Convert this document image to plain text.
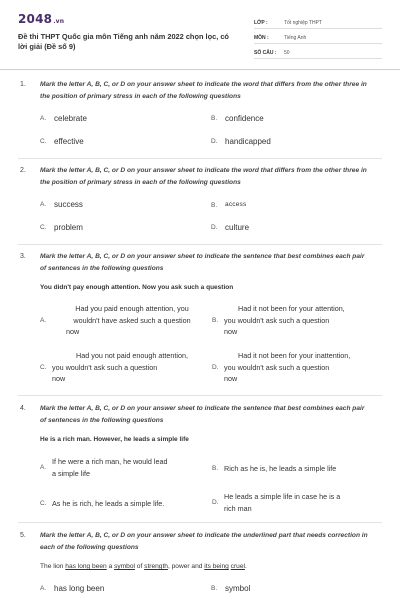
2048.vn
Đề thi THPT Quốc gia môn Tiếng anh năm 2022 chọn lọc, có lời giải (Đề số 9)
LỚP :	Tốt nghiệp THPT
MÔN :	Tiếng Anh
SỐ CÂU :	50
1. Mark the letter A, B, C, or D on your answer sheet to indicate the word that differs from the other three in the position of primary stress in each of the following questions
A. celebrate	B. confidence
C. effective	D. handicapped
2. Mark the letter A, B, C, or D on your answer sheet to indicate the word that differs from the other three in the position of primary stress in each of the following questions
A. success	B.	access
C. problem	D. culture
3. Mark the letter A, B, C, or D on your answer sheet to indicate the sentence that best combines each pair of sentences in the following questions
You didn't pay enough attention. Now you ask such a question
A.
Had you paid enough attention, you
wouldn't have asked such a question
now
B.
Had it not been for your attention,
you wouldn't ask such a question
now
C.
Had you not paid enough attention,
you wouldn't ask such a question
now
D.
Had it not been for your inattention,
you wouldn't ask such a question
now
4. Mark the letter A, B, C, or D on your answer sheet to indicate the sentence that best combines each pair of sentences in the following questions
He is a rich man. However, he leads a simple life
A.
If he were a rich man, he would lead
a simple life	B. Rich as he is, he leads a simple life
C. As he is rich, he leads a simple life.	D.
He leads a simple life in case he is a
rich man
5. Mark the letter A, B, C, or D on your answer sheet to indicate the underlined part that needs correction in each of the following questions
The lion has long been a symbol of strength, power and its being cruel.
A. has long been	B. symbol
